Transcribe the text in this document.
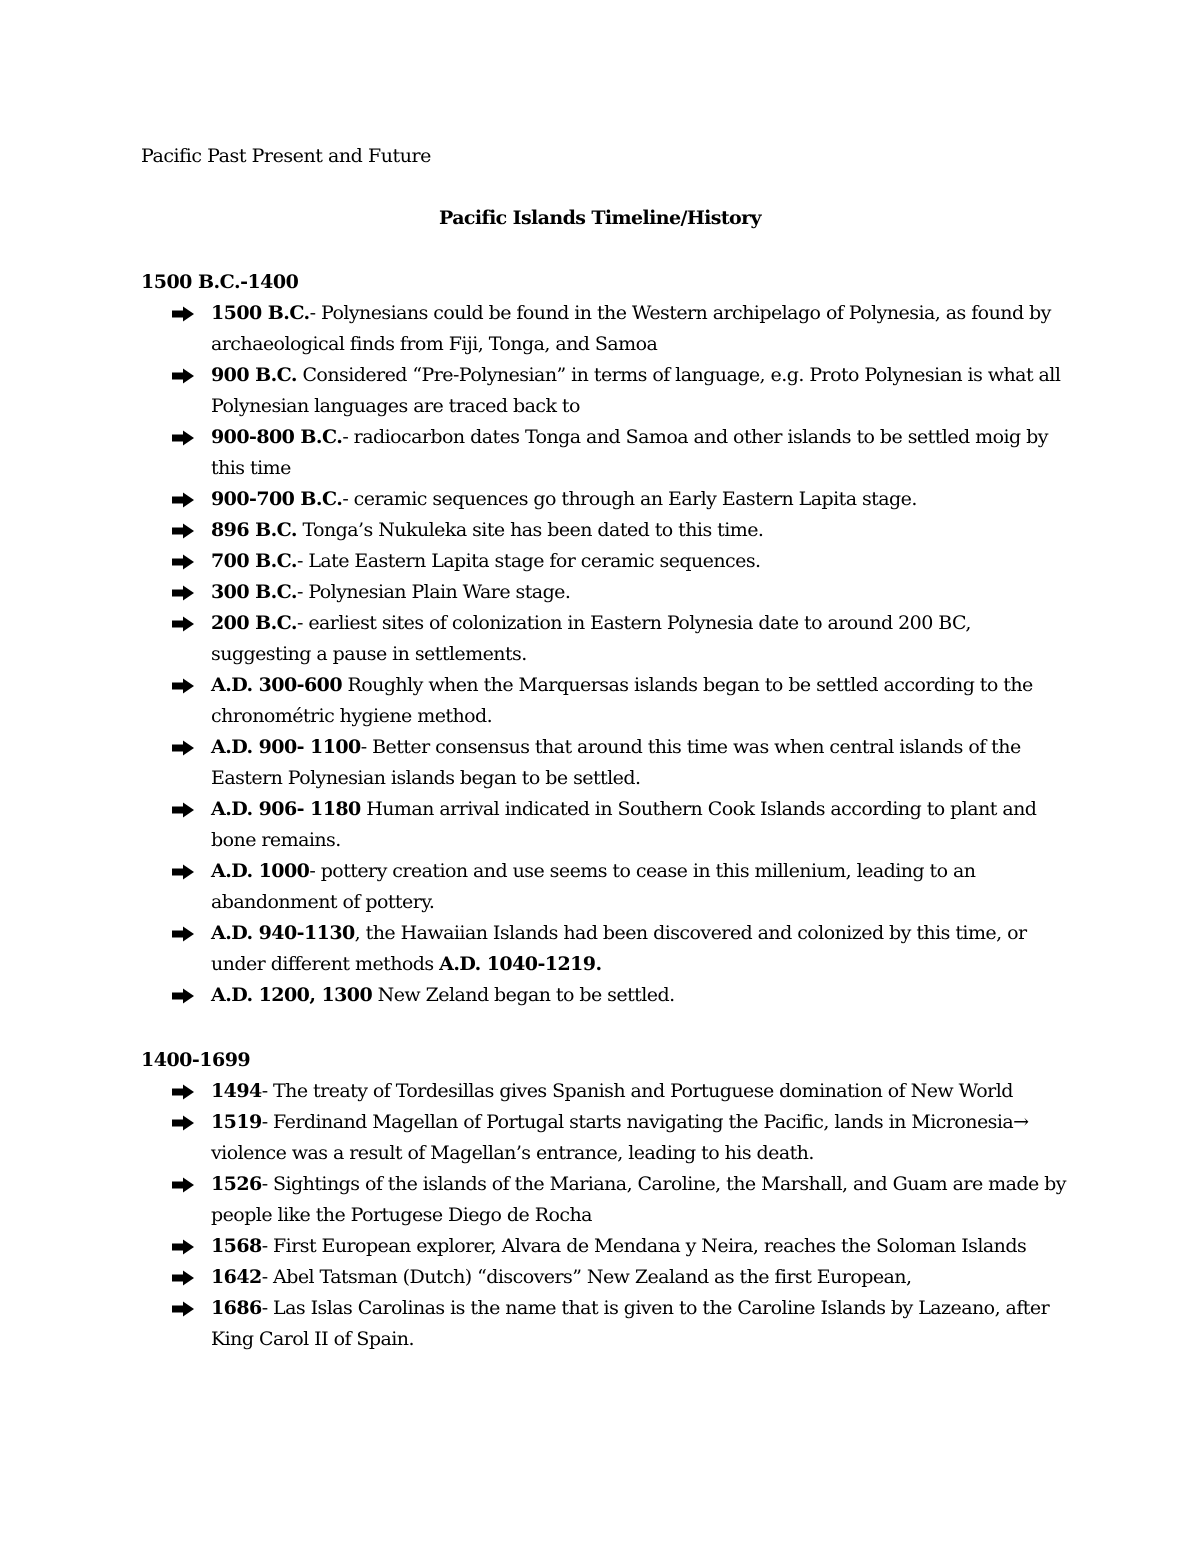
Pacific Past Present and Future
Pacific Islands Timeline/History

1500 B.C.-1400

1500 B.C.- Polynesians could be found in the Western archipelago of Polynesia, as found by archaeological finds from Fiji, Tonga, and Samoa
900 B.C. Considered “Pre-Polynesian” in terms of language, e.g. Proto Polynesian is what all Polynesian languages are traced back to
900-800 B.C.- radiocarbon dates Tonga and Samoa and other islands to be settled moig by this time
900-700 B.C.- ceramic sequences go through an Early Eastern Lapita stage.
896 B.C. Tonga’s Nukuleka site has been dated to this time.
700 B.C.- Late Eastern Lapita stage for ceramic sequences.
300 B.C.- Polynesian Plain Ware stage.
200 B.C.- earliest sites of colonization in Eastern Polynesia date to around 200 BC, suggesting a pause in settlements.
A.D. 300-600 Roughly when the Marquersas islands began to be settled according to the chronométric hygiene method.
A.D. 900- 1100- Better consensus that around this time was when central islands of the Eastern Polynesian islands began to be settled.
A.D. 906- 1180 Human arrival indicated in Southern Cook Islands according to plant and bone remains.
A.D. 1000- pottery creation and use seems to cease in this millenium, leading to an abandonment of pottery.
A.D. 940-1130, the Hawaiian Islands had been discovered and colonized by this time, or under different methods A.D. 1040-1219.
A.D. 1200, 1300 New Zeland began to be settled.

1400-1699

1494- The treaty of Tordesillas gives Spanish and Portuguese domination of New World
1519- Ferdinand Magellan of Portugal starts navigating the Pacific, lands in Micronesia→ violence was a result of Magellan’s entrance, leading to his death.
1526- Sightings of the islands of the Mariana, Caroline, the Marshall, and Guam are made by people like the Portugese Diego de Rocha
1568- First European explorer, Alvara de Mendana y Neira, reaches the Soloman Islands
1642- Abel Tatsman (Dutch) “discovers” New Zealand as the first European,
1686- Las Islas Carolinas is the name that is given to the Caroline Islands by Lazeano, after King Carol II of Spain.
